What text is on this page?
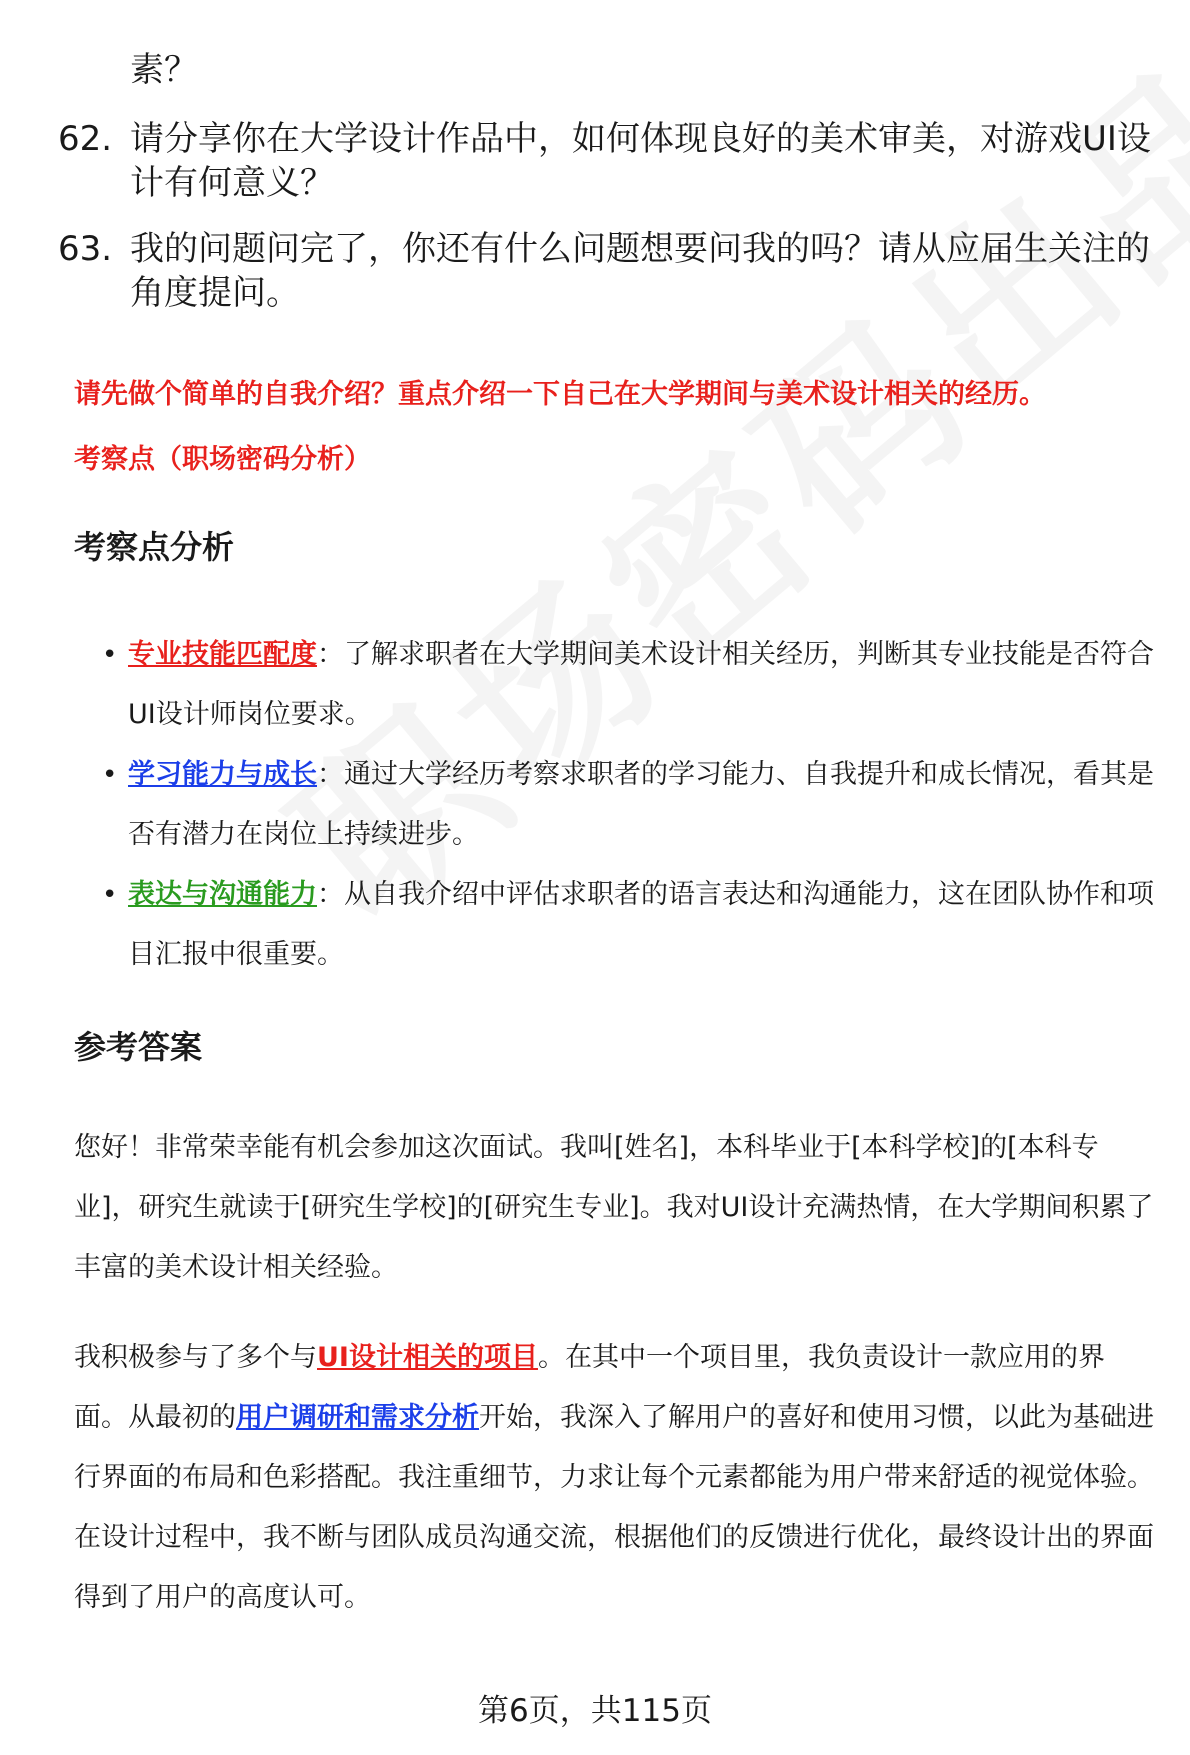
素？
62. 请分享你在大学设计作品中，如何体现良好的美术审美，对游戏UI设计有何意义？
63. 我的问题问完了，你还有什么问题想要问我的吗？请从应届生关注的角度提问。
请先做个简单的自我介绍？重点介绍一下自己在大学期间与美术设计相关的经历。
考察点（职场密码分析）
考察点分析
• 专业技能匹配度：了解求职者在大学期间美术设计相关经历，判断其专业技能是否符合UI设计师岗位要求。
• 学习能力与成长：通过大学经历考察求职者的学习能力、自我提升和成长情况，看其是否有潜力在岗位上持续进步。
• 表达与沟通能力：从自我介绍中评估求职者的语言表达和沟通能力，这在团队协作和项目汇报中很重要。
参考答案
您好！非常荣幸能有机会参加这次面试。我叫[姓名]，本科毕业于[本科学校]的[本科专业]，研究生就读于[研究生学校]的[研究生专业]。我对UI设计充满热情，在大学期间积累了丰富的美术设计相关经验。
我积极参与了多个与UI设计相关的项目。在其中一个项目里，我负责设计一款应用的界面。从最初的用户调研和需求分析开始，我深入了解用户的喜好和使用习惯，以此为基础进行界面的布局和色彩搭配。我注重细节，力求让每个元素都能为用户带来舒适的视觉体验。在设计过程中，我不断与团队成员沟通交流，根据他们的反馈进行优化，最终设计出的界面得到了用户的高度认可。
第6页，共115页
